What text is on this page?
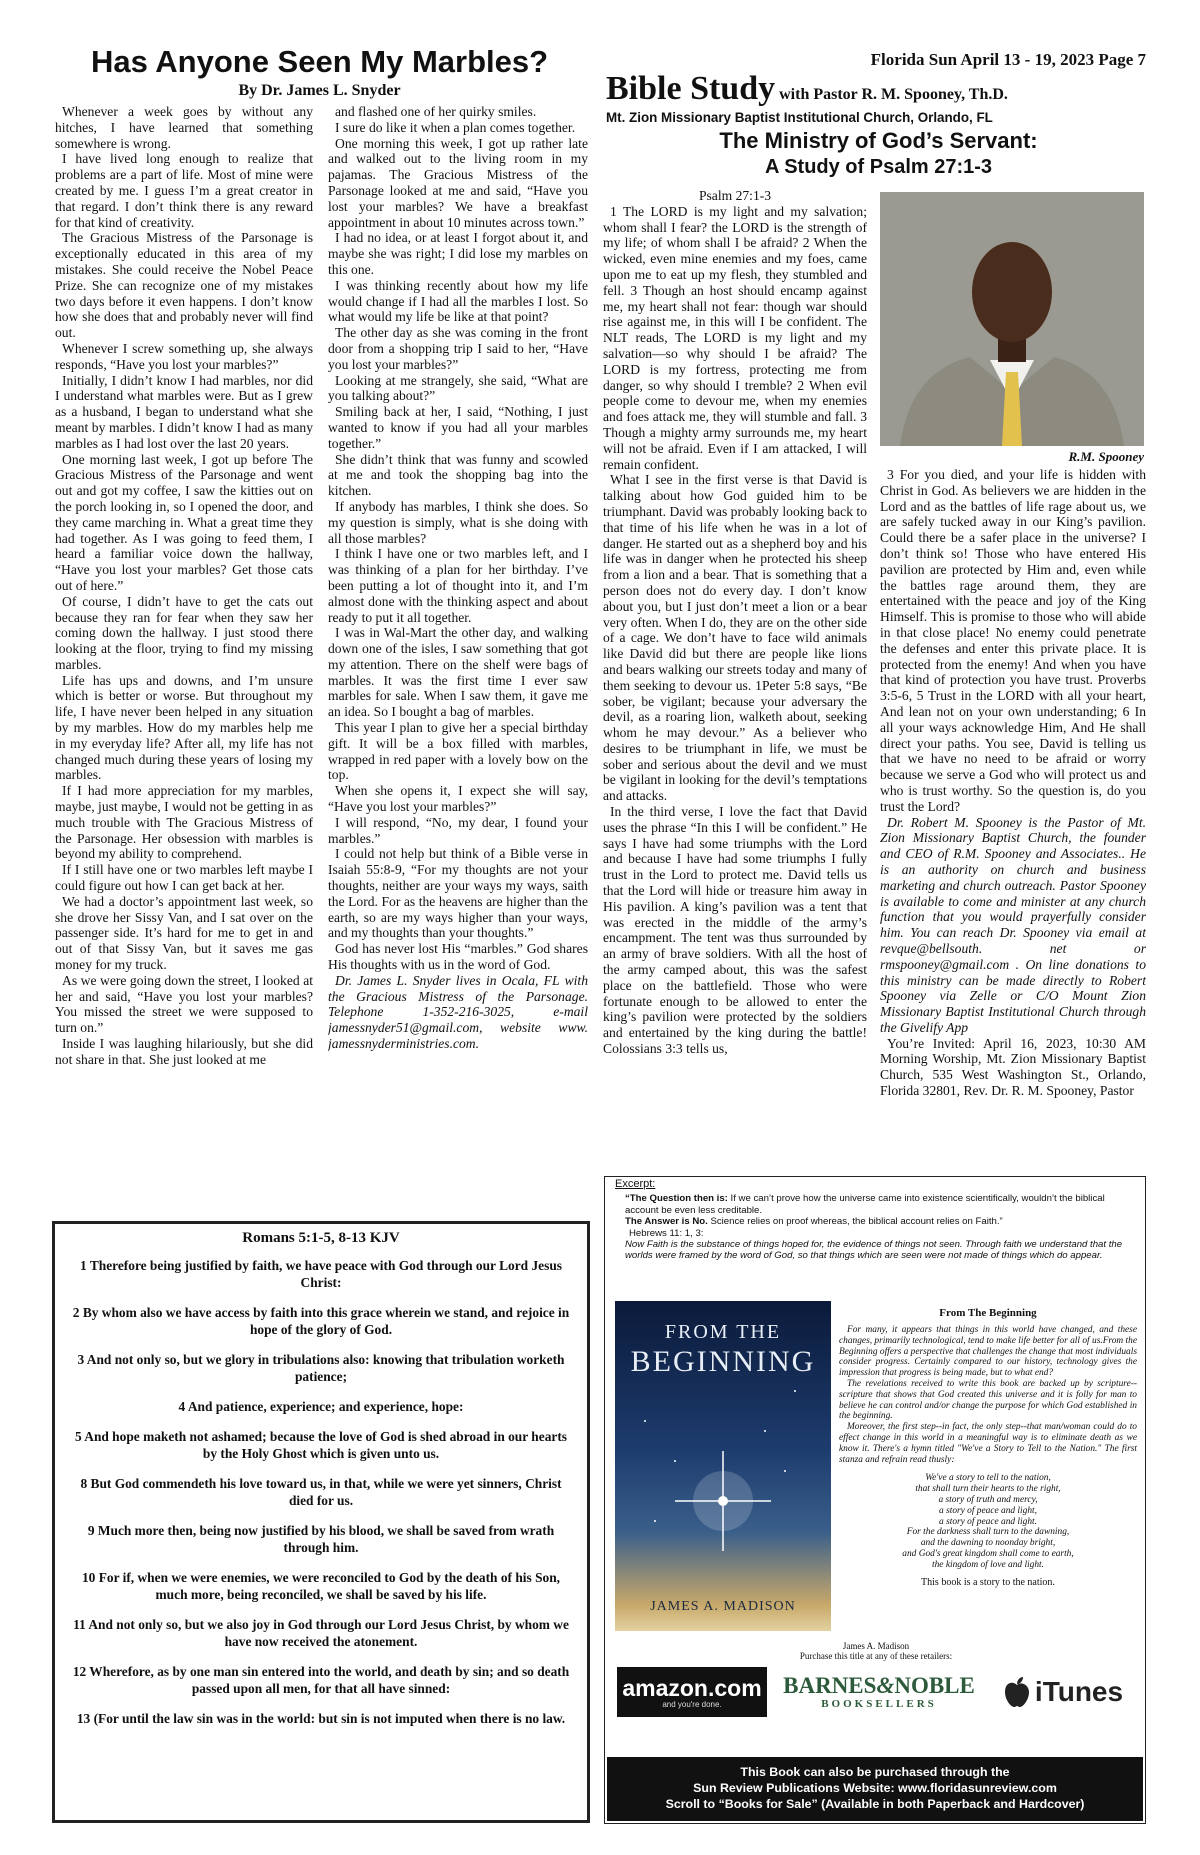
Florida Sun April 13 - 19, 2023 Page 7
Has Anyone Seen My Marbles?
By Dr. James L. Snyder

Whenever a week goes by without any hitches, I have learned that something somewhere is wrong.

I have lived long enough to realize that problems are a part of life. Most of mine were created by me. I guess I’m a great creator in that regard. I don’t think there is any reward for that kind of creativity.

The Gracious Mistress of the Parsonage is exceptionally educated in this area of my mistakes. She could receive the Nobel Peace Prize. She can recognize one of my mistakes two days before it even happens. I don’t know how she does that and probably never will find out.

Whenever I screw something up, she always responds, “Have you lost your marbles?”

Initially, I didn’t know I had marbles, nor did I understand what marbles were. But as I grew as a husband, I began to understand what she meant by marbles. I didn’t know I had as many marbles as I had lost over the last 20 years.

One morning last week, I got up before The Gracious Mistress of the Parsonage and went out and got my coffee, I saw the kitties out on the porch looking in, so I opened the door, and they came marching in. What a great time they had together. As I was going to feed them, I heard a familiar voice down the hallway, “Have you lost your marbles? Get those cats out of here.”

Of course, I didn’t have to get the cats out because they ran for fear when they saw her coming down the hallway. I just stood there looking at the floor, trying to find my missing marbles.

Life has ups and downs, and I’m unsure which is better or worse. But throughout my life, I have never been helped in any situation by my marbles. How do my marbles help me in my everyday life? After all, my life has not changed much during these years of losing my marbles.

If I had more appreciation for my marbles, maybe, just maybe, I would not be getting in as much trouble with The Gracious Mistress of the Parsonage. Her obsession with marbles is beyond my ability to comprehend.

If I still have one or two marbles left maybe I could figure out how I can get back at her.

We had a doctor’s appointment last week, so she drove her Sissy Van, and I sat over on the passenger side. It’s hard for me to get in and out of that Sissy Van, but it saves me gas money for my truck.

As we were going down the street, I looked at her and said, “Have you lost your marbles? You missed the street we were supposed to turn on.”

Inside I was laughing hilariously, but she did not share in that. She just looked at me

and flashed one of her quirky smiles.

I sure do like it when a plan comes together.

One morning this week, I got up rather late and walked out to the living room in my pajamas. The Gracious Mistress of the Parsonage looked at me and said, “Have you lost your marbles? We have a breakfast appointment in about 10 minutes across town.”

I had no idea, or at least I forgot about it, and maybe she was right; I did lose my marbles on this one.

I was thinking recently about how my life would change if I had all the marbles I lost. So what would my life be like at that point?

The other day as she was coming in the front door from a shopping trip I said to her, “Have you lost your marbles?”

Looking at me strangely, she said, “What are you talking about?”

Smiling back at her, I said, “Nothing, I just wanted to know if you had all your marbles together.”

She didn’t think that was funny and scowled at me and took the shopping bag into the kitchen.

If anybody has marbles, I think she does. So my question is simply, what is she doing with all those marbles?

I think I have one or two marbles left, and I was thinking of a plan for her birthday. I’ve been putting a lot of thought into it, and I’m almost done with the thinking aspect and about ready to put it all together.

I was in Wal-Mart the other day, and walking down one of the isles, I saw something that got my attention. There on the shelf were bags of marbles. It was the first time I ever saw marbles for sale. When I saw them, it gave me an idea. So I bought a bag of marbles.

This year I plan to give her a special birthday gift. It will be a box filled with marbles, wrapped in red paper with a lovely bow on the top.

When she opens it, I expect she will say, “Have you lost your marbles?”

I will respond, “No, my dear, I found your marbles.”

I could not help but think of a Bible verse in Isaiah 55:8-9, “For my thoughts are not your thoughts, neither are your ways my ways, saith the Lord. For as the heavens are higher than the earth, so are my ways higher than your ways, and my thoughts than your thoughts.”

God has never lost His “marbles.” God shares His thoughts with us in the word of God.

Dr. James L. Snyder lives in Ocala, FL with the Gracious Mistress of the Parsonage. Telephone 1-352-216-3025, e-mail jamessnyder51@gmail.com, website www. jamessnyderministries.com.

Bible Study with Pastor R. M. Spooney, Th.D.
Mt. Zion Missionary Baptist Institutional Church, Orlando, FL
The Ministry of God’s Servant:
A Study of Psalm 27:1-3
Psalm 27:1-3

1 The LORD is my light and my salvation; whom shall I fear? the LORD is the strength of my life; of whom shall I be afraid? 2 When the wicked, even mine enemies and my foes, came upon me to eat up my flesh, they stumbled and fell. 3 Though an host should encamp against me, my heart shall not fear: though war should rise against me, in this will I be confident. The NLT reads, The LORD is my light and my salvation—so why should I be afraid? The LORD is my fortress, protecting me from danger, so why should I tremble? 2 When evil people come to devour me, when my enemies and foes attack me, they will stumble and fall. 3 Though a mighty army surrounds me, my heart will not be afraid. Even if I am attacked, I will remain confident.

What I see in the first verse is that David is talking about how God guided him to be triumphant. David was probably looking back to that time of his life when he was in a lot of danger. He started out as a shepherd boy and his life was in danger when he protected his sheep from a lion and a bear. That is something that a person does not do every day. I don’t know about you, but I just don’t meet a lion or a bear very often. When I do, they are on the other side of a cage. We don’t have to face wild animals like David did but there are people like lions and bears walking our streets today and many of them seeking to devour us. 1Peter 5:8 says, “Be sober, be vigilant; because your adversary the devil, as a roaring lion, walketh about, seeking whom he may devour.” As a believer who desires to be triumphant in life, we must be sober and serious about the devil and we must be vigilant in looking for the devil’s temptations and attacks.

In the third verse, I love the fact that David uses the phrase “In this I will be confident.” He says I have had some triumphs with the Lord and because I have had some triumphs I fully trust in the Lord to protect me. David tells us that the Lord will hide or treasure him away in His pavilion. A king’s pavilion was a tent that was erected in the middle of the army’s encampment. The tent was thus surrounded by an army of brave soldiers. With all the host of the army camped about, this was the safest place on the battlefield. Those who were fortunate enough to be allowed to enter the king’s pavilion were protected by the soldiers and entertained by the king during the battle! Colossians 3:3 tells us,

R.M. Spooney

3 For you died, and your life is hidden with Christ in God. As believers we are hidden in the Lord and as the battles of life rage about us, we are safely tucked away in our King’s pavilion. Could there be a safer place in the universe? I don’t think so! Those who have entered His pavilion are protected by Him and, even while the battles rage around them, they are entertained with the peace and joy of the King Himself. This is promise to those who will abide in that close place! No enemy could penetrate the defenses and enter this private place. It is protected from the enemy! And when you have that kind of protection you have trust. Proverbs 3:5-6, 5 Trust in the LORD with all your heart, And lean not on your own understanding; 6 In all your ways acknowledge Him, And He shall direct your paths. You see, David is telling us that we have no need to be afraid or worry because we serve a God who will protect us and who is trust worthy. So the question is, do you trust the Lord?

Dr. Robert M. Spooney is the Pastor of Mt. Zion Missionary Baptist Church, the founder and CEO of R.M. Spooney and Associates.. He is an authority on church and business marketing and church outreach. Pastor Spooney is available to come and minister at any church function that you would prayerfully consider him. You can reach Dr. Spooney via email at revque@bellsouth. net or rmspooney@gmail.com . On line donations to this ministry can be made directly to Robert Spooney via Zelle or C/O Mount Zion Missionary Baptist Institutional Church through the Givelify App

You’re Invited: April 16, 2023, 10:30 AM Morning Worship, Mt. Zion Missionary Baptist Church, 535 West Washington St., Orlando, Florida 32801, Rev. Dr. R. M. Spooney, Pastor

Romans 5:1-5, 8-13 KJV

1 Therefore being justified by faith, we have peace with God through our Lord Jesus Christ:

2 By whom also we have access by faith into this grace wherein we stand, and rejoice in hope of the glory of God.

3 And not only so, but we glory in tribulations also: knowing that tribulation worketh patience;

4 And patience, experience; and experience, hope:

5 And hope maketh not ashamed; because the love of God is shed abroad in our hearts by the Holy Ghost which is given unto us.

8 But God commendeth his love toward us, in that, while we were yet sinners, Christ died for us.

9 Much more then, being now justified by his blood, we shall be saved from wrath through him.

10 For if, when we were enemies, we were reconciled to God by the death of his Son, much more, being reconciled, we shall be saved by his life.

11 And not only so, but we also joy in God through our Lord Jesus Christ, by whom we have now received the atonement.

12 Wherefore, as by one man sin entered into the world, and death by sin; and so death passed upon all men, for that all have sinned:

13 (For until the law sin was in the world: but sin is not imputed when there is no law.

Excerpt:
“The Question then is: If we can’t prove how the universe came into existence scientifically, wouldn’t the biblical account be even less creditable.
The Answer is No. Science relies on proof whereas, the biblical account relies on Faith.”
Hebrews 11: 1, 3:
Now Faith is the substance of things hoped for, the evidence of things not seen. Through faith we understand that the worlds were framed by the word of God, so that things which are seen were not made of things which do appear.
FROM THE
BEGINNING
JAMES A. MADISON
From The Beginning

For many, it appears that things in this world have changed, and these changes, primarily technological, tend to make life better for all of us.From the Beginning offers a perspective that challenges the change that most individuals consider progress. Certainly compared to our history, technology gives the impression that progress is being made, but to what end?

The revelations received to write this book are backed up by scripture--scripture that shows that God created this universe and it is folly for man to believe he can control and/or change the purpose for which God established in the beginning.

Moreover, the first step--in fact, the only step--that man/woman could do to effect change in this world in a meaningful way is to eliminate death as we know it. There's a hymn titled "We've a Story to Tell to the Nation." The first stanza and refrain read thusly:

We've a story to tell to the nation,
that shall turn their hearts to the right,
a story of truth and mercy,
a story of peace and light,
a story of peace and light.
For the darkness shall turn to the dawning,
and the dawning to noonday bright,
and God's great kingdom shall come to earth,
the kingdom of love and light.
This book is a story to the nation.
James A. Madison
Purchase this title at any of these retailers:
amazon.com
and you're done.
BARNES&NOBLE
BOOKSELLERS	iTunes
This Book can also be purchased through the
Sun Review Publications Website: www.floridasunreview.com
Scroll to “Books for Sale” (Available in both Paperback and Hardcover)
